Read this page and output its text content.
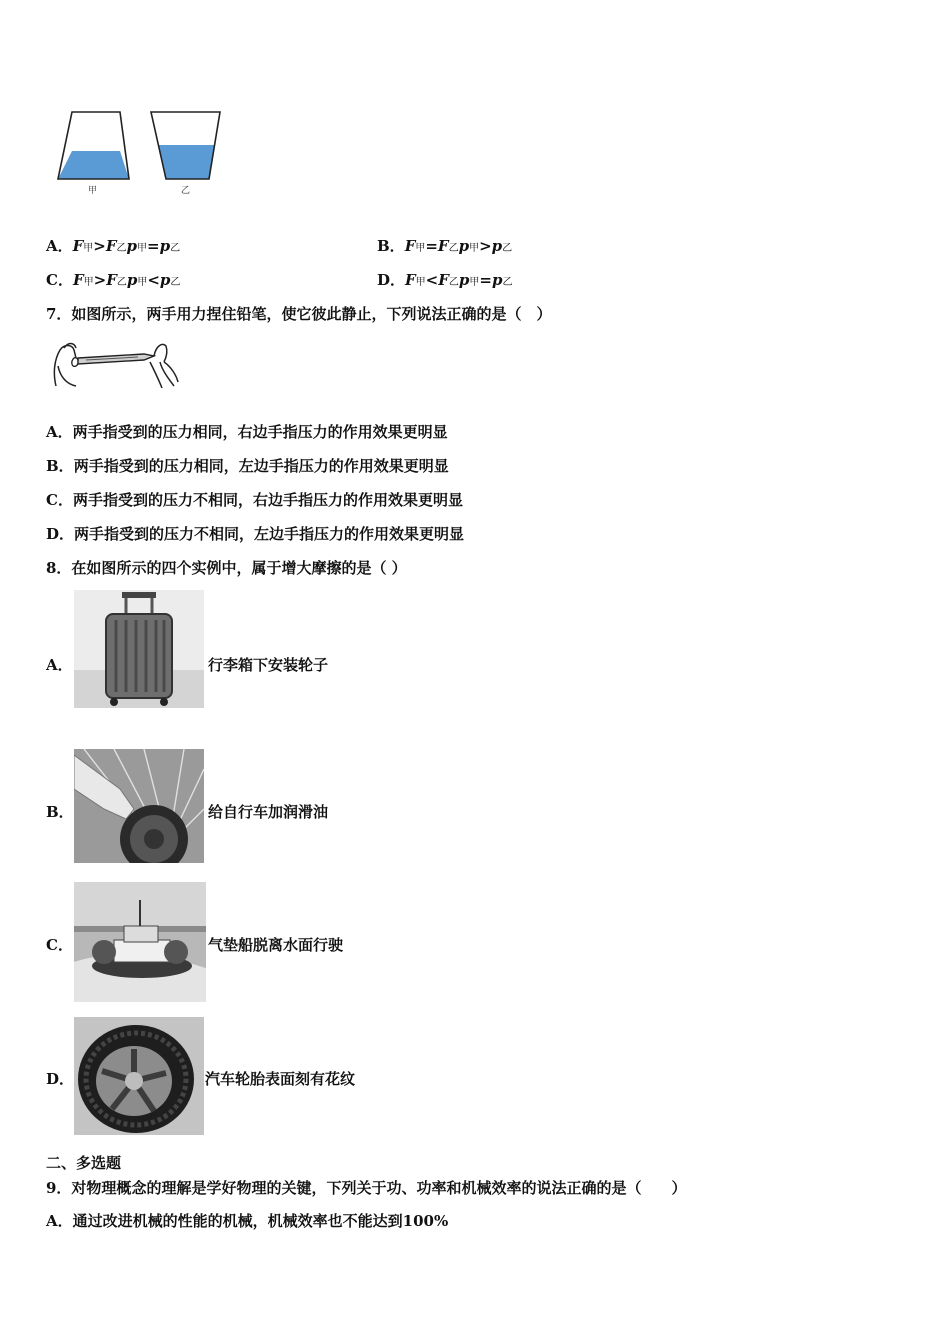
甲	乙
A．F甲>F乙p甲=p乙	B．F甲=F乙p甲>p乙
C．F甲>F乙p甲<p乙	D．F甲<F乙p甲=p乙
7．如图所示，两手用力捏住铅笔，使它彼此静止，下列说法正确的是（　）
A．两手指受到的压力相同，右边手指压力的作用效果更明显
B．两手指受到的压力相同，左边手指压力的作用效果更明显
C．两手指受到的压力不相同，右边手指压力的作用效果更明显
D．两手指受到的压力不相同，左边手指压力的作用效果更明显
8．在如图所示的四个实例中，属于增大摩擦的是（ ）
A．	行李箱下安装轮子
B．	给自行车加润滑油
C．	气垫船脱离水面行驶
D．	汽车轮胎表面刻有花纹
二、多选题
9．对物理概念的理解是学好物理的关键，下列关于功、功率和机械效率的说法正确的是（　　）
A．通过改进机械的性能的机械，机械效率也不能达到100%
